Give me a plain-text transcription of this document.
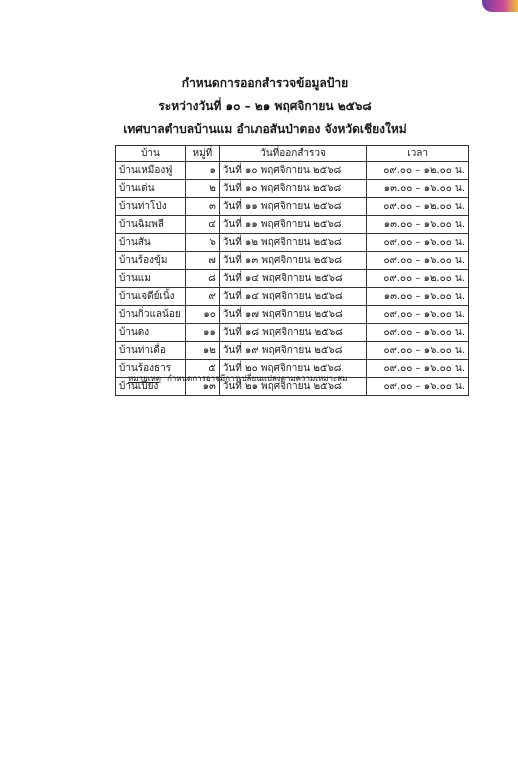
กำหนดการออกสำรวจข้อมูลป้าย
ระหว่างวันที่ ๑๐ – ๒๑ พฤศจิกายน ๒๕๖๘
เทศบาลตำบลบ้านแม อำเภอสันป่าตอง จังหวัดเชียงใหม่
บ้าน	หมู่ที่	วันที่ออกสำรวจ	เวลา
บ้านเหมืองฟู่	๑	วันที่ ๑๐ พฤศจิกายน ๒๕๖๘	๐๙.๐๐ – ๑๒.๐๐ น.
บ้านเด่น	๒	วันที่ ๑๐ พฤศจิกายน ๒๕๖๘	๑๓.๐๐ – ๑๖.๐๐ น.
บ้านท่าโป่ง	๓	วันที่ ๑๑ พฤศจิกายน ๒๕๖๘	๐๙.๐๐ – ๑๒.๐๐ น.
บ้านฉิมพลี	๔	วันที่ ๑๑ พฤศจิกายน ๒๕๖๘	๑๓.๐๐ – ๑๖.๐๐ น.
บ้านสัน	๖	วันที่ ๑๒ พฤศจิกายน ๒๕๖๘	๐๙.๐๐ – ๑๖.๐๐ น.
บ้านร้องขุ้ม	๗	วันที่ ๑๓ พฤศจิกายน ๒๕๖๘	๐๙.๐๐ – ๑๖.๐๐ น.
บ้านแม	๘	วันที่ ๑๔ พฤศจิกายน ๒๕๖๘	๐๙.๐๐ – ๑๒.๐๐ น.
บ้านเจดีย์เนิ้ง	๙	วันที่ ๑๔ พฤศจิกายน ๒๕๖๘	๑๓.๐๐ – ๑๖.๐๐ น.
บ้านกิ่วแลน้อย	๑๐	วันที่ ๑๗ พฤศจิกายน ๒๕๖๘	๐๙.๐๐ – ๑๖.๐๐ น.
บ้านดง	๑๑	วันที่ ๑๘ พฤศจิกายน ๒๕๖๘	๐๙.๐๐ – ๑๖.๐๐ น.
บ้านท่าเดื่อ	๑๒	วันที่ ๑๙ พฤศจิกายน ๒๕๖๘	๐๙.๐๐ – ๑๖.๐๐ น.
บ้านร้องธาร	๕	วันที่ ๒๐ พฤศจิกายน ๒๕๖๘	๐๙.๐๐ – ๑๖.๐๐ น.
บ้านเปียง	๑๓	วันที่ ๒๑ พฤศจิกายน ๒๕๖๘	๐๙.๐๐ – ๑๖.๐๐ น.
หมายเหตุ กำหนดการอาจมีการเปลี่ยนแปลงตามความเหมาะสม
